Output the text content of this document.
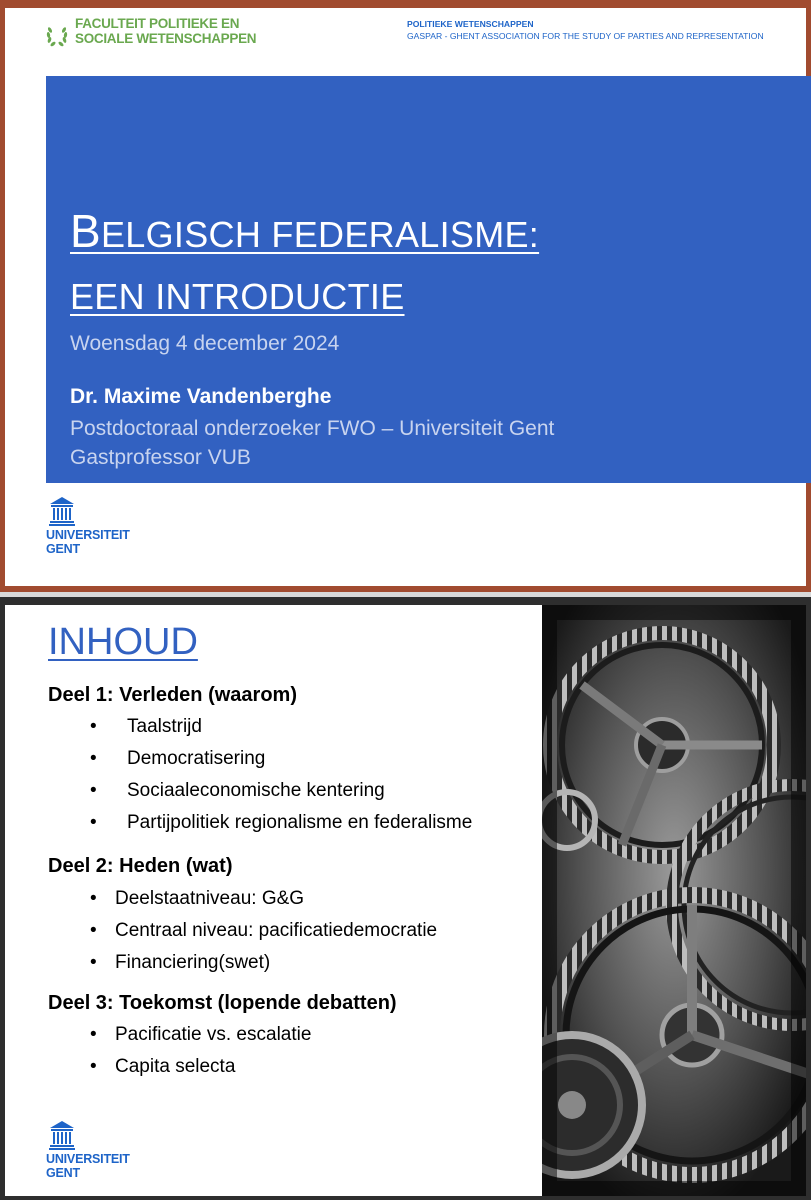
FACULTEIT POLITIEKE EN
SOCIALE WETENSCHAPPEN
POLITIEKE WETENSCHAPPEN
GASPAR - GHENT ASSOCIATION FOR THE STUDY OF PARTIES AND REPRESENTATION
BELGISCH FEDERALISME:
EEN INTRODUCTIE
Woensdag 4 december 2024
Dr. Maxime Vandenberghe
Postdoctoraal onderzoeker FWO – Universiteit Gent
Gastprofessor VUB
UNIVERSITEIT
GENT
INHOUD
Deel 1: Verleden (waarom)
• Taalstrijd
• Democratisering
• Sociaaleconomische kentering
• Partijpolitiek regionalisme en federalisme
Deel 2: Heden (wat)
• Deelstaatniveau: G&G
• Centraal niveau: pacificatiedemocratie
• Financiering(swet)
Deel 3: Toekomst (lopende debatten)
• Pacificatie vs. escalatie
• Capita selecta
UNIVERSITEIT
GENT
